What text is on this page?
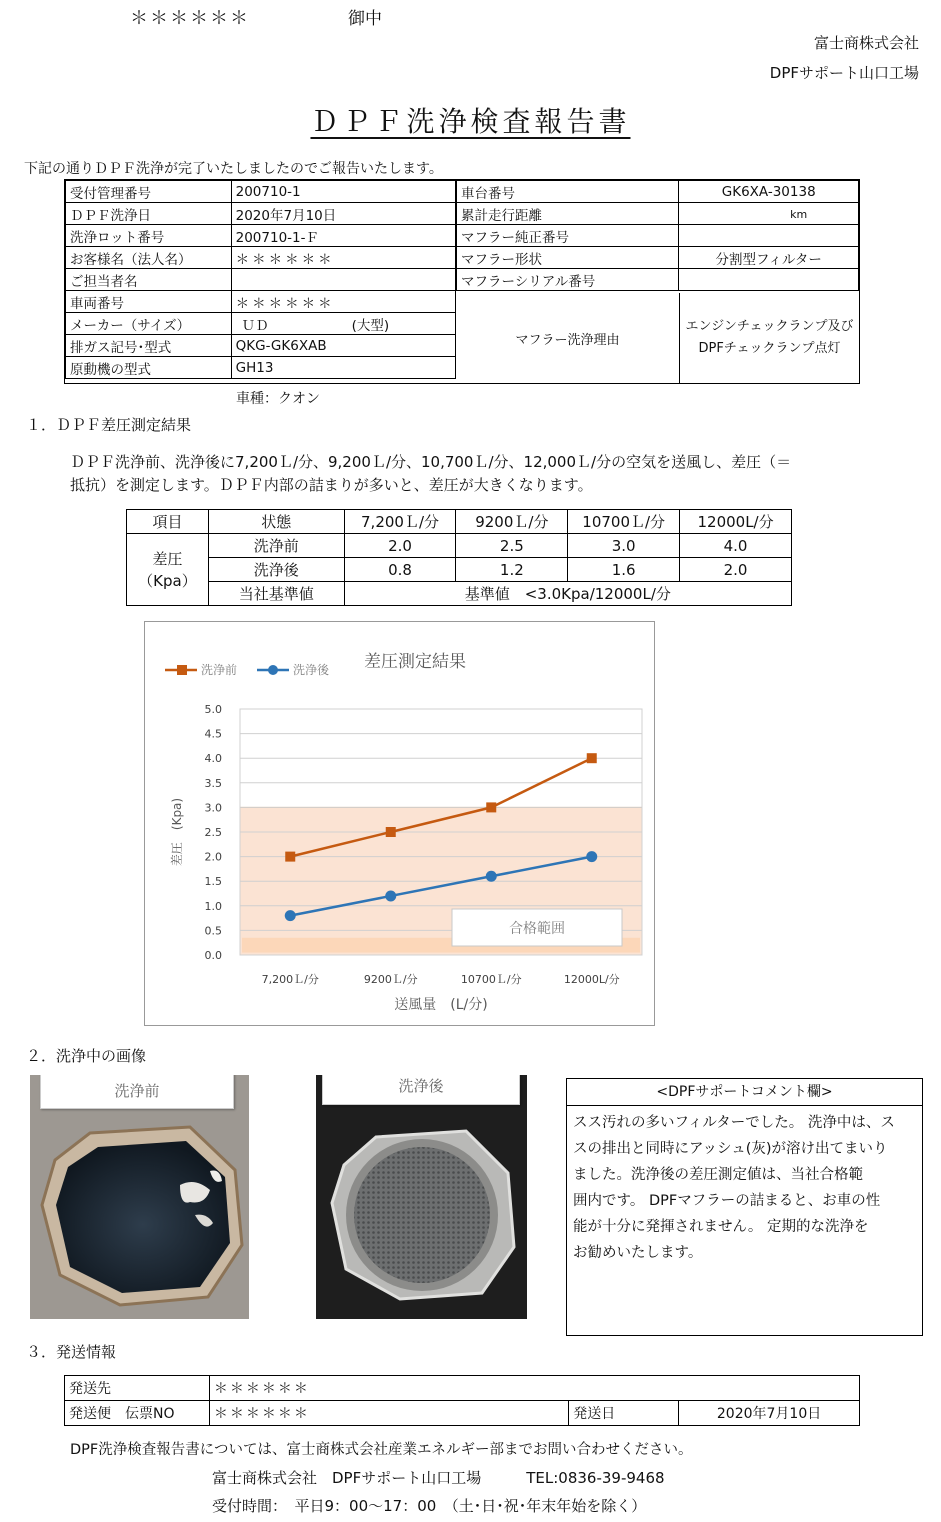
＊＊＊＊＊＊	御中
富士商株式会社
DPFサポート山口工場
ＤＰＦ洗浄検査報告書
下記の通りＤＰＦ洗浄が完了いたしましたのでご報告いたします。
受付管理番号	200710-1
ＤＰＦ洗浄日	2020年7月10日
洗浄ロット番号	200710-1-Ｆ
お客様名（法人名）	＊＊＊＊＊＊
ご担当者名	
車両番号	＊＊＊＊＊＊
メーカー（サイズ）	ＵＤ (大型)
排ガス記号･型式	QKG-GK6XAB
原動機の型式	GH13
車台番号	GK6XA-30138
累計走行距離	km
マフラー純正番号	
マフラー形状	分割型フィルター
マフラーシリアル番号	
マフラー洗浄理由
エンジンチェックランプ及び
DPFチェックランプ点灯
車種：クオン
１．ＤＰＦ差圧測定結果
ＤＰＦ洗浄前、洗浄後に7,200Ｌ/分、9,200Ｌ/分、10,700Ｌ/分、12,000Ｌ/分の空気を送風し、差圧（＝
抵抗）を測定します。ＤＰＦ内部の詰まりが多いと、差圧が大きくなります。
項目	状態	7,200Ｌ/分	9200Ｌ/分	10700Ｌ/分	12000L/分
差圧
（Kpa）	洗浄前	2.0	2.5	3.0	4.0
	洗浄後	0.8	1.2	1.6	2.0
	当社基準値	基準値　<3.0Kpa/12000L/分			
0.0
0.5
1.0
1.5
2.0
2.5
3.0
3.5
4.0
4.5
5.0
7,200Ｌ/分	9200Ｌ/分	10700Ｌ/分	12000L/分
送風量　(L/分)
差圧　(Kpa)
差圧測定結果
合格範囲
洗浄前	洗浄後
２．洗浄中の画像
洗浄前	洗浄後	<DPFサポートコメント欄>
スス汚れの多いフィルターでした。 洗浄中は、ス
スの排出と同時にアッシュ(灰)が溶け出てまいり
ました。洗浄後の差圧測定値は、当社合格範
囲内です。 DPFマフラーの詰まると、お車の性
能が十分に発揮されません。 定期的な洗浄を
お勧めいたします。
３．発送情報
発送先	＊＊＊＊＊＊		
発送便　伝票NO	＊＊＊＊＊＊	発送日	2020年7月10日
DPF洗浄検査報告書については、富士商株式会社産業エネルギー部までお問い合わせください。
富士商株式会社　DPFサポート山口工場　　　TEL:0836-39-9468
受付時間：　平日9：00～17：00　（土･日･祝･年末年始を除く）
